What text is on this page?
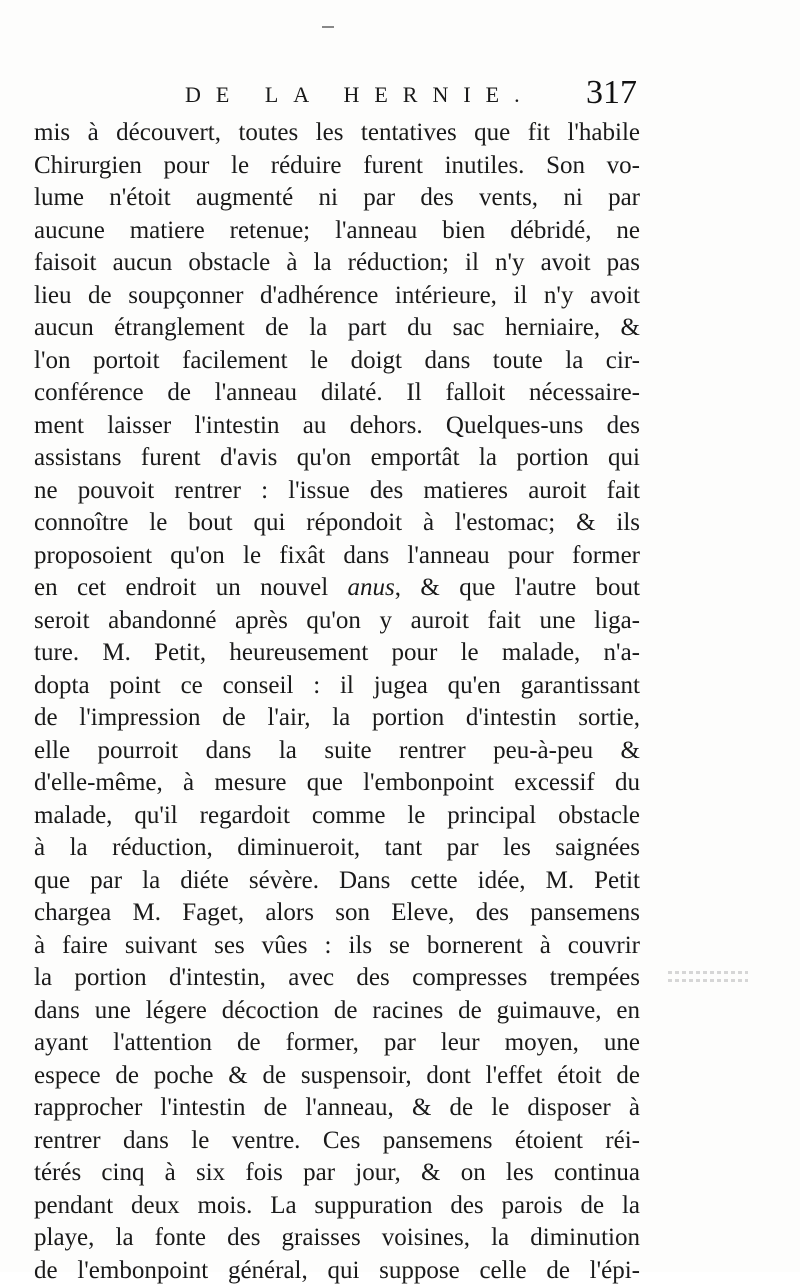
DE LA HERNIE. 317
mis à découvert, toutes les tentatives que fit l'habile
Chirurgien pour le réduire furent inutiles. Son vo-
lume n'étoit augmenté ni par des vents, ni par
aucune matiere retenue; l'anneau bien débridé, ne
faisoit aucun obstacle à la réduction; il n'y avoit pas
lieu de soupçonner d'adhérence intérieure, il n'y avoit
aucun étranglement de la part du sac herniaire, &
l'on portoit facilement le doigt dans toute la cir-
conférence de l'anneau dilaté. Il falloit nécessaire-
ment laisser l'intestin au dehors. Quelques-uns des
assistans furent d'avis qu'on emportât la portion qui
ne pouvoit rentrer : l'issue des matieres auroit fait
connoître le bout qui répondoit à l'estomac; & ils
proposoient qu'on le fixât dans l'anneau pour former
en cet endroit un nouvel anus, & que l'autre bout
seroit abandonné après qu'on y auroit fait une liga-
ture. M. Petit, heureusement pour le malade, n'a-
dopta point ce conseil : il jugea qu'en garantissant
de l'impression de l'air, la portion d'intestin sortie,
elle pourroit dans la suite rentrer peu-à-peu &
d'elle-même, à mesure que l'embonpoint excessif du
malade, qu'il regardoit comme le principal obstacle
à la réduction, diminueroit, tant par les saignées
que par la diéte sévère. Dans cette idée, M. Petit
chargea M. Faget, alors son Eleve, des pansemens
à faire suivant ses vûes : ils se bornerent à couvrir
la portion d'intestin, avec des compresses trempées
dans une légere décoction de racines de guimauve, en
ayant l'attention de former, par leur moyen, une
espece de poche & de suspensoir, dont l'effet étoit de
rapprocher l'intestin de l'anneau, & de le disposer à
rentrer dans le ventre. Ces pansemens étoient réi-
térés cinq à six fois par jour, & on les continua
pendant deux mois. La suppuration des parois de la
playe, la fonte des graisses voisines, la diminution
de l'embonpoint général, qui suppose celle de l'épi-
